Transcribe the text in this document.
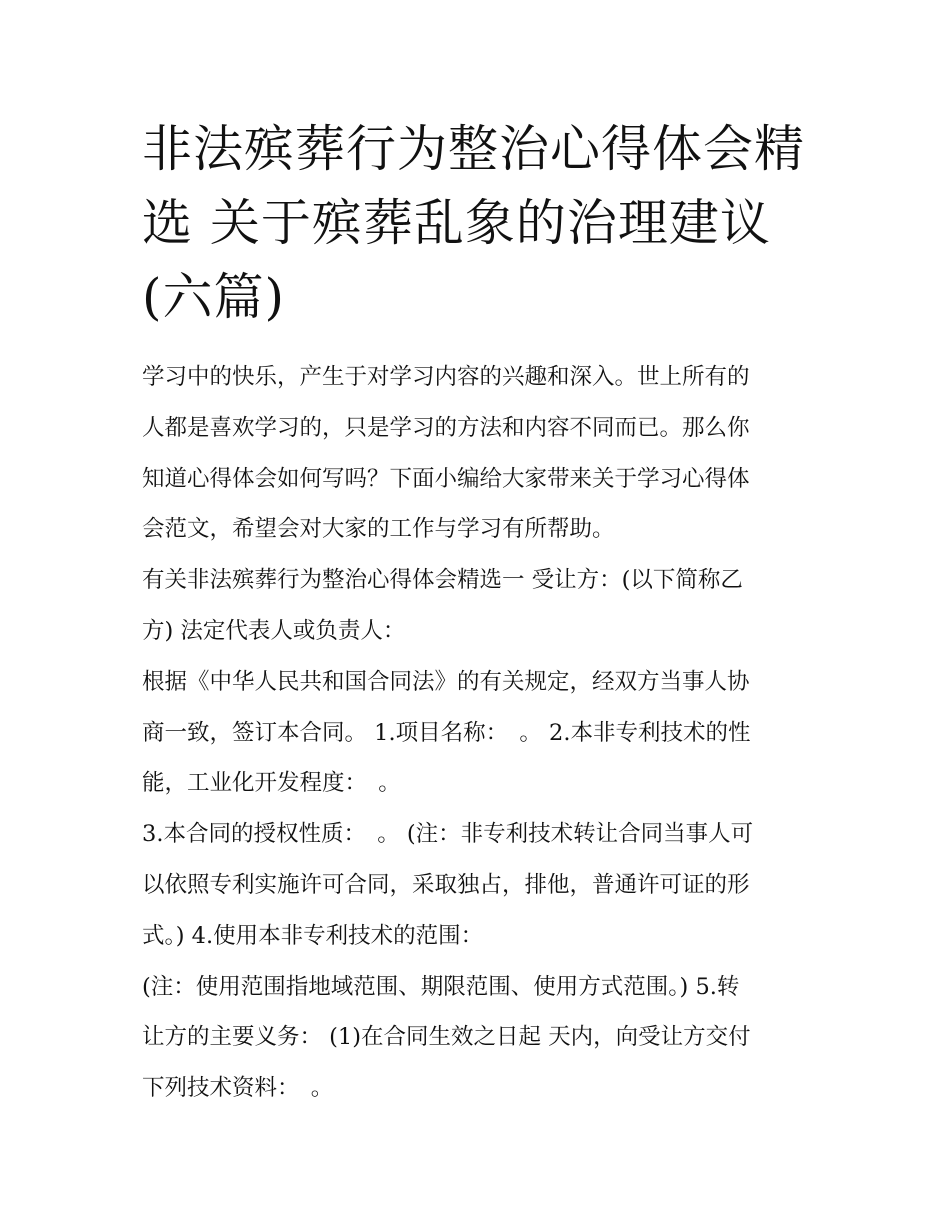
非法殡葬行为整治心得体会精
选 关于殡葬乱象的治理建议
(六篇)

学习中的快乐，产生于对学习内容的兴趣和深入。世上所有的
人都是喜欢学习的，只是学习的方法和内容不同而已。那么你
知道心得体会如何写吗？下面小编给大家带来关于学习心得体
会范文，希望会对大家的工作与学习有所帮助。

有关非法殡葬行为整治心得体会精选一 受让方：(以下简称乙
方) 法定代表人或负责人：

根据《中华人民共和国合同法》的有关规定，经双方当事人协
商一致，签订本合同。 1.项目名称：　。 2.本非专利技术的性
能，工业化开发程度：　。

3.本合同的授权性质：　。 (注：非专利技术转让合同当事人可
以依照专利实施许可合同，采取独占，排他，普通许可证的形
式。) 4.使用本非专利技术的范围：

(注：使用范围指地域范围、期限范围、使用方式范围。) 5.转
让方的主要义务： (1)在合同生效之日起 天内，向受让方交付
下列技术资料：　。
